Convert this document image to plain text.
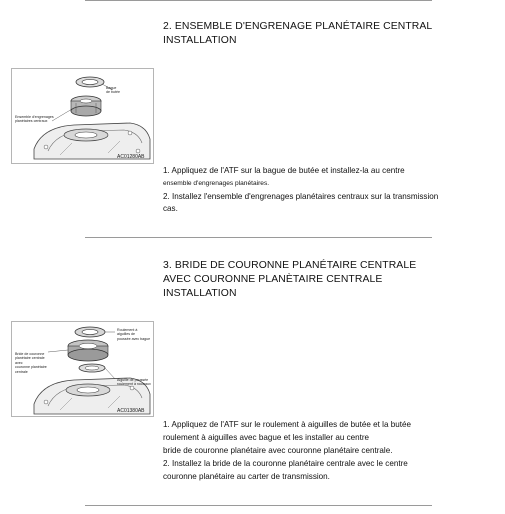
2. ENSEMBLE D'ENGRENAGE PLANÉTAIRE CENTRAL
INSTALLATION
Bague
de butée
Ensemble d'engrenages
planétaires centraux
AC01280AB
1. Appliquez de l'ATF sur la bague de butée et installez-la au centre
ensemble d'engrenages planétaires.
2. Installez l'ensemble d'engrenages planétaires centraux sur la transmission
cas.
3. BRIDE DE COURONNE PLANÉTAIRE CENTRALE
AVEC COURONNE PLANÈTAIRE CENTRALE
INSTALLATION
Roulement à
aiguilles de
poussée avec bague
Bride de couronne
planétaire centrale
avec
couronne planétaire
centrale
Aiguille de poussée
roulement à rouleaux
AC01380AB
1. Appliquez de l'ATF sur le roulement à aiguilles de butée et la butée
roulement à aiguilles avec bague et les installer au centre
bride de couronne planétaire avec couronne planétaire centrale.
2. Installez la bride de la couronne planétaire centrale avec le centre
couronne planétaire au carter de transmission.
